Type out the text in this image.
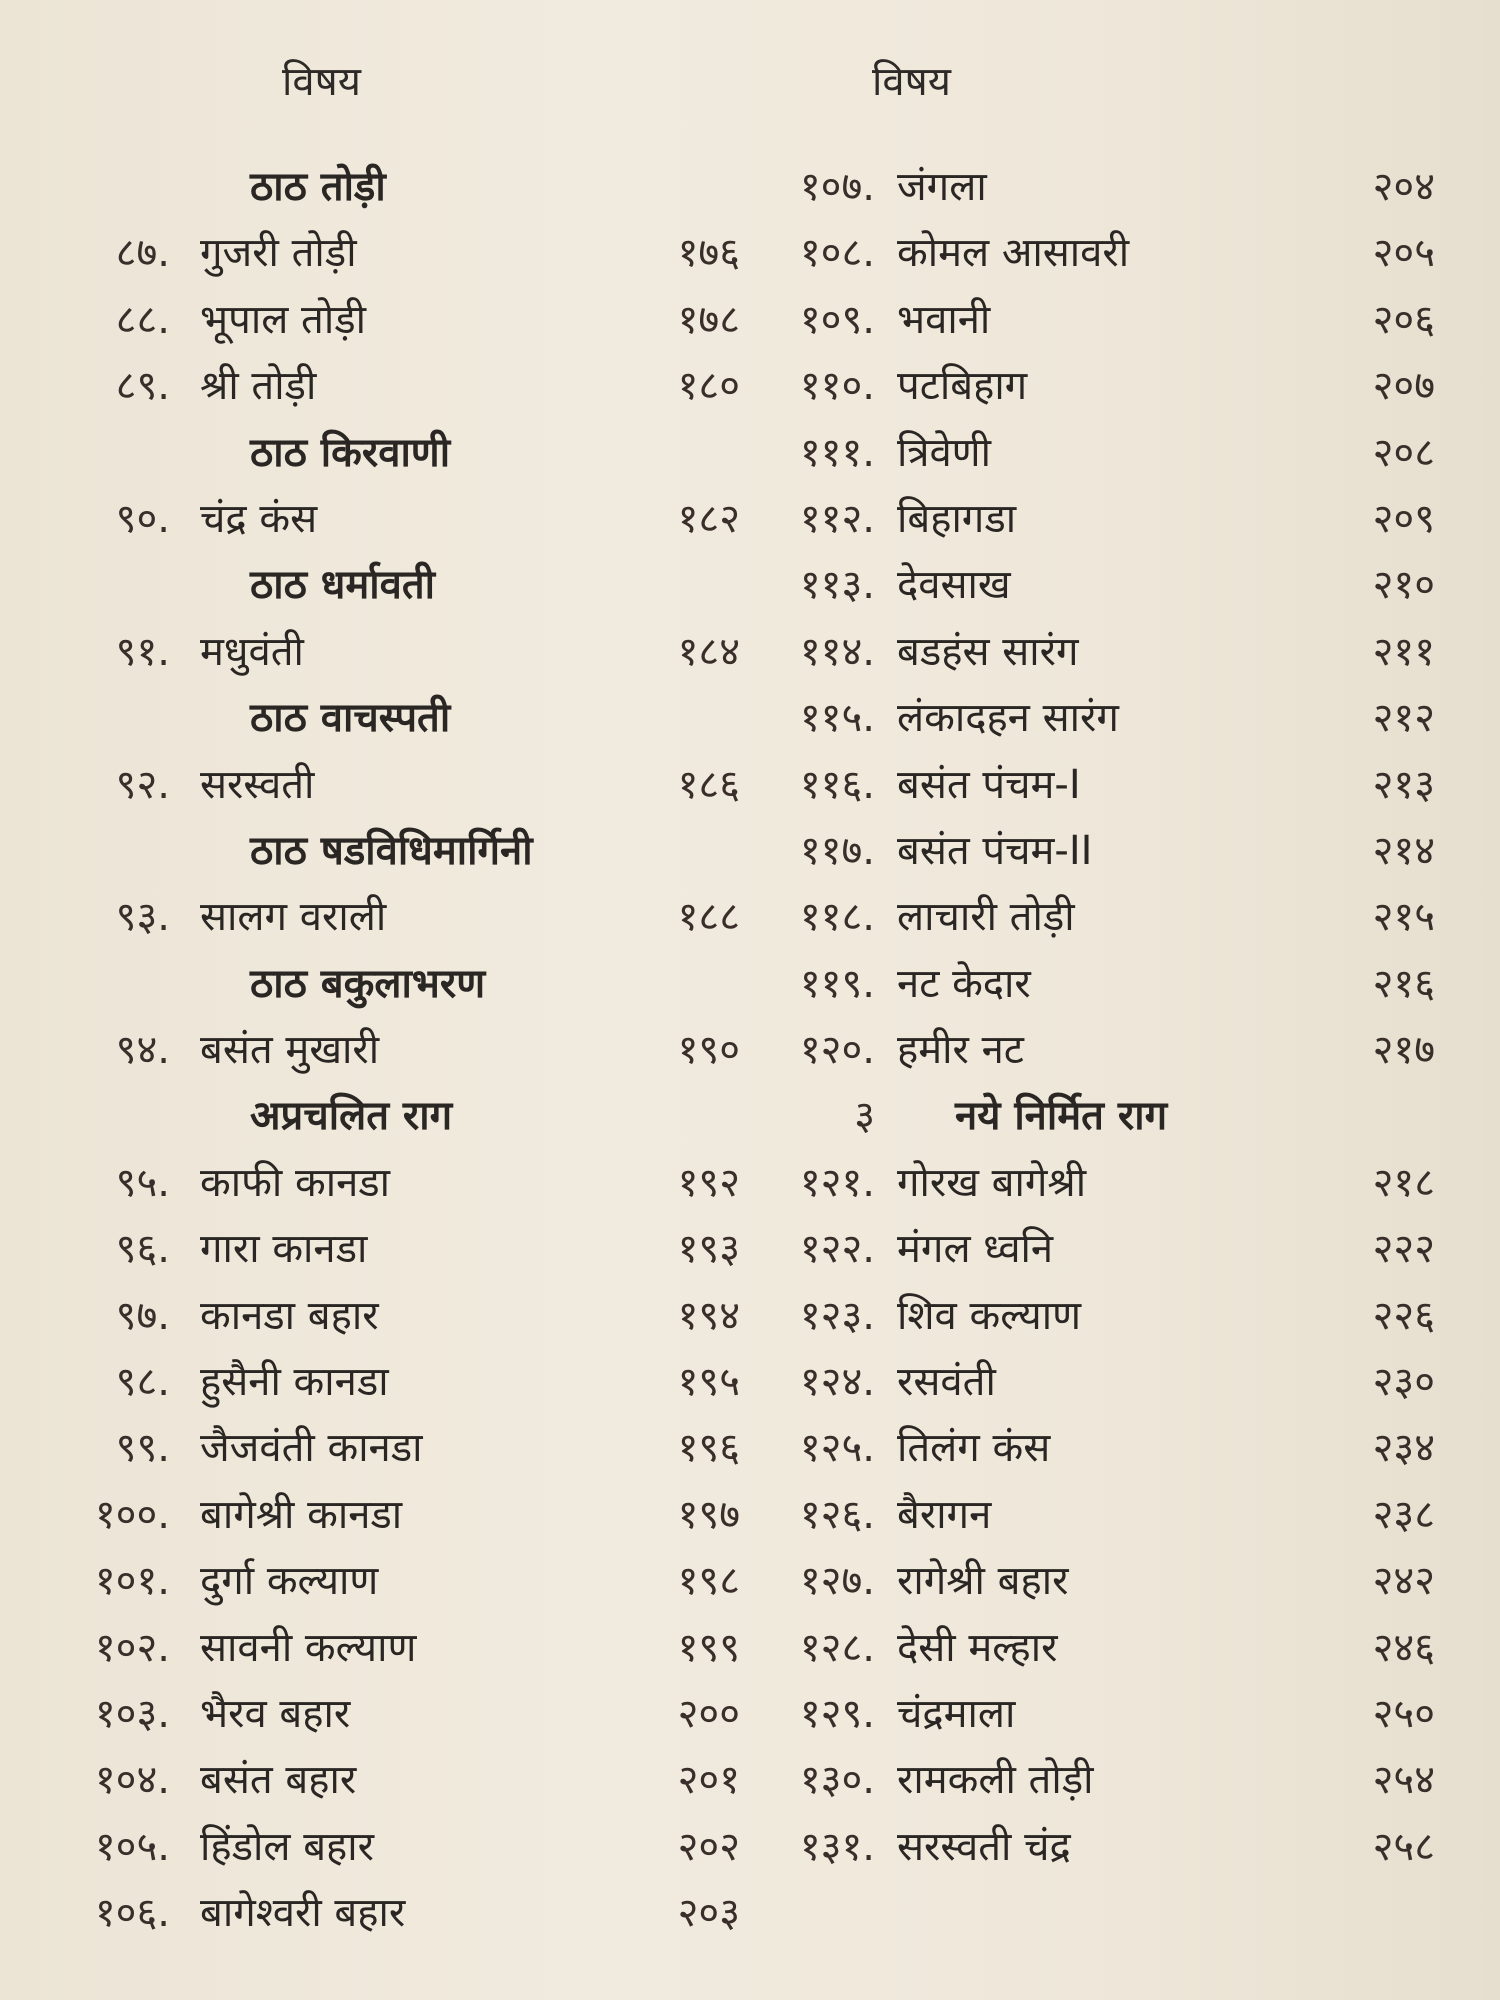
विषय	विषय
ठाठ तोड़ी
८७. गुजरी तोड़ी	१७६
८८. भूपाल तोड़ी	१७८
८९. श्री तोड़ी	१८०
ठाठ किरवाणी
९०. चंद्र कंस	१८२
ठाठ धर्मावती
९१. मधुवंती	१८४
ठाठ वाचस्पती
९२. सरस्वती	१८६
ठाठ षडविधिमार्गिनी
९३. सालग वराली	१८८
ठाठ बकुलाभरण
९४. बसंत मुखारी	१९०
अप्रचलित राग
९५. काफी कानडा	१९२
९६. गारा कानडा	१९३
९७. कानडा बहार	१९४
९८. हुसैनी कानडा	१९५
९९. जैजवंती कानडा	१९६
१००. बागेश्री कानडा	१९७
१०१. दुर्गा कल्याण	१९८
१०२. सावनी कल्याण	१९९
१०३. भैरव बहार	२००
१०४. बसंत बहार	२०१
१०५. हिंडोल बहार	२०२
१०६. बागेश्वरी बहार	२०३
१०७. जंगला	२०४
१०८. कोमल आसावरी	२०५
१०९. भवानी	२०६
११०. पटबिहाग	२०७
१११. त्रिवेणी	२०८
११२. बिहागडा	२०९
११३. देवसाख	२१०
११४. बडहंस सारंग	२११
११५. लंकादहन सारंग	२१२
११६. बसंत पंचम-I	२१३
११७. बसंत पंचम-II	२१४
११८. लाचारी तोड़ी	२१५
११९. नट केदार	२१६
१२०. हमीर नट	२१७
३ नये निर्मित राग
१२१. गोरख बागेश्री	२१८
१२२. मंगल ध्वनि	२२२
१२३. शिव कल्याण	२२६
१२४. रसवंती	२३०
१२५. तिलंग कंस	२३४
१२६. बैरागन	२३८
१२७. रागेश्री बहार	२४२
१२८. देसी मल्हार	२४६
१२९. चंद्रमाला	२५०
१३०. रामकली तोड़ी	२५४
१३१. सरस्वती चंद्र	२५८
